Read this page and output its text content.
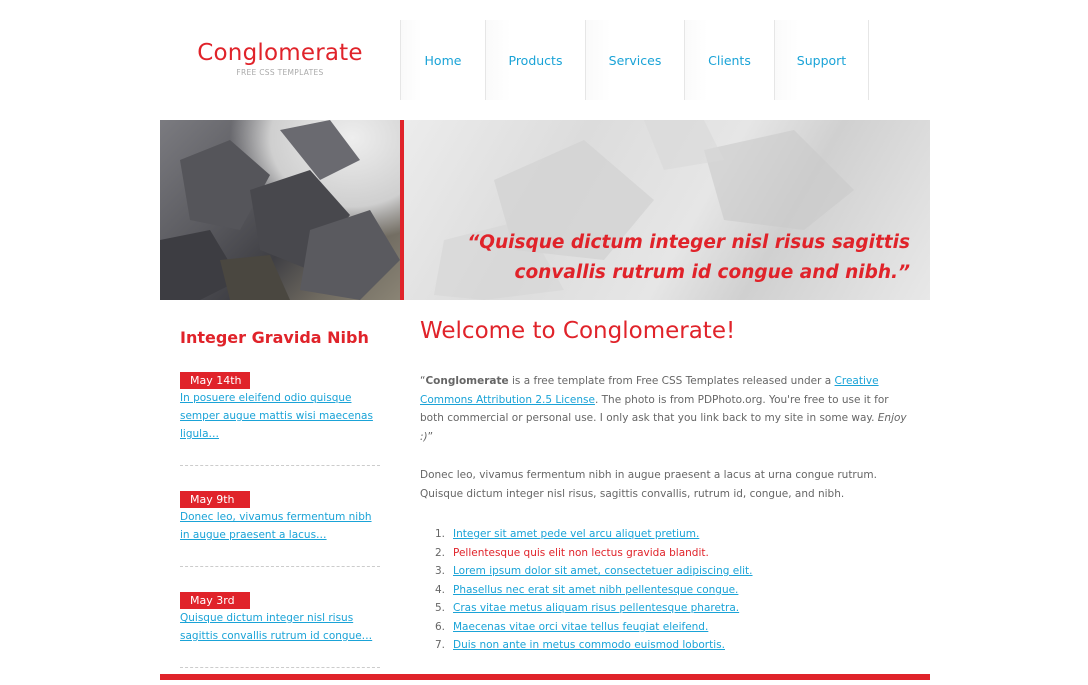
Conglomerate
FREE CSS TEMPLATES
Home	Products	Services	Clients	Support
“Quisque dictum integer nisl risus sagittis convallis rutrum id congue and nibh.”
Integer Gravida Nibh
May 14th
In posuere eleifend odio quisque semper augue mattis wisi maecenas ligula…
May 9th
Donec leo, vivamus fermentum nibh in augue praesent a lacus…
May 3rd
Quisque dictum integer nisl risus sagittis convallis rutrum id congue…
Welcome to Conglomerate!

“Conglomerate is a free template from Free CSS Templates released under a Creative Commons Attribution 2.5 License. The photo is from PDPhoto.org. You're free to use it for both commercial or personal use. I only ask that you link back to my site in some way. Enjoy :)”

Donec leo, vivamus fermentum nibh in augue praesent a lacus at urna congue rutrum. Quisque dictum integer nisl risus, sagittis convallis, rutrum id, congue, and nibh.

1. Integer sit amet pede vel arcu aliquet pretium.
2. Pellentesque quis elit non lectus gravida blandit.
3. Lorem ipsum dolor sit amet, consectetuer adipiscing elit.
4. Phasellus nec erat sit amet nibh pellentesque congue.
5. Cras vitae metus aliquam risus pellentesque pharetra.
6. Maecenas vitae orci vitae tellus feugiat eleifend.
7. Duis non ante in metus commodo euismod lobortis.
